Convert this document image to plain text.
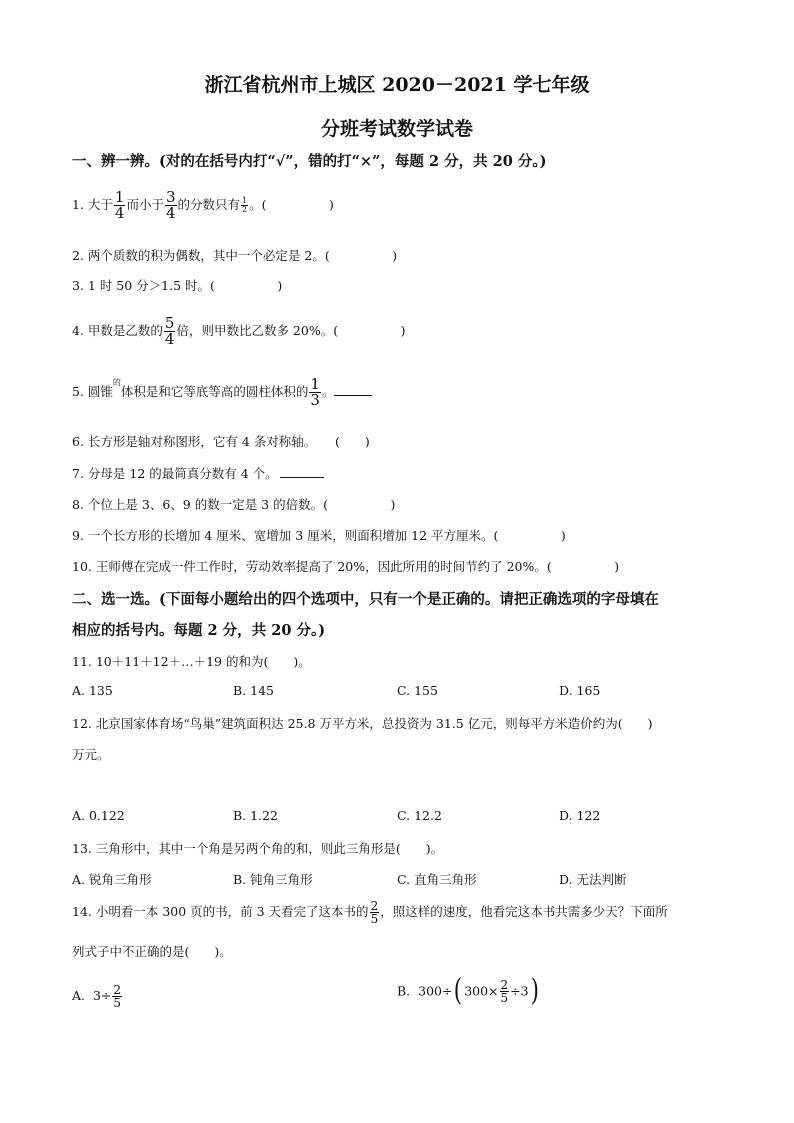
浙江省杭州市上城区 2020－2021 学七年级
分班考试数学试卷
一、辨一辨。(对的在括号内打“√”，错的打“×”，每题 2 分，共 20 分。)
1. 大于 $\frac{1}{4}$ 而小于 $\frac{3}{4}$ 的分数只有 $\frac{1}{2}$ 。(　　　　　)
2. 两个质数的积为偶数，其中一个必定是 2。(　　　　　)
3. 1 时 50 分＞1.5 时。(　　　　　)
4. 甲数是乙数的 $\frac{5}{4}$ 倍，则甲数比乙数多 20%。(　　　　　)
5. 圆锥$^的$体积是和它等底等高的圆柱体积的 $\frac{1}{3}$ 。
6. 长方形是轴对称图形，它有 4 条对称轴。　　(　　)
7. 分母是 12 的最简真分数有 4 个。
8. 个位上是 3、6、9 的数一定是 3 的倍数。(　　　　　)
9. 一个长方形的长增加 4 厘米、宽增加 3 厘米，则面积增加 12 平方厘米。(　　　　　)
10. 王师傅在完成一件工作时，劳动效率提高了 20%，因此所用的时间节约了 20%。(　　　　　)
二、选一选。(下面每小题给出的四个选项中，只有一个是正确的。请把正确选项的字母填在
相应的括号内。每题 2 分，共 20 分。)
11. 10＋11＋12＋…＋19 的和为(　　)。
A. 135	B. 145	C. 155	D. 165
12. 北京国家体育场“鸟巢”建筑面积达 25.8 万平方米，总投资为 31.5 亿元，则每平方米造价约为(　　)
万元。
A. 0.122	B. 1.22	C. 12.2	D. 122
13. 三角形中，其中一个角是另两个角的和，则此三角形是(　　)。
A. 锐角三角形	B. 钝角三角形	C. 直角三角形	D. 无法判断
14. 小明看一本 300 页的书，前 3 天看完了这本书的 $\frac{2}{5}$ ，照这样的速度，他看完这本书共需多少天？下面所
列式子中不正确的是(　　)。
A. $3\div \frac{2}{5}$	B. 300÷( $300\times \frac{2}{5} \div 3$)
